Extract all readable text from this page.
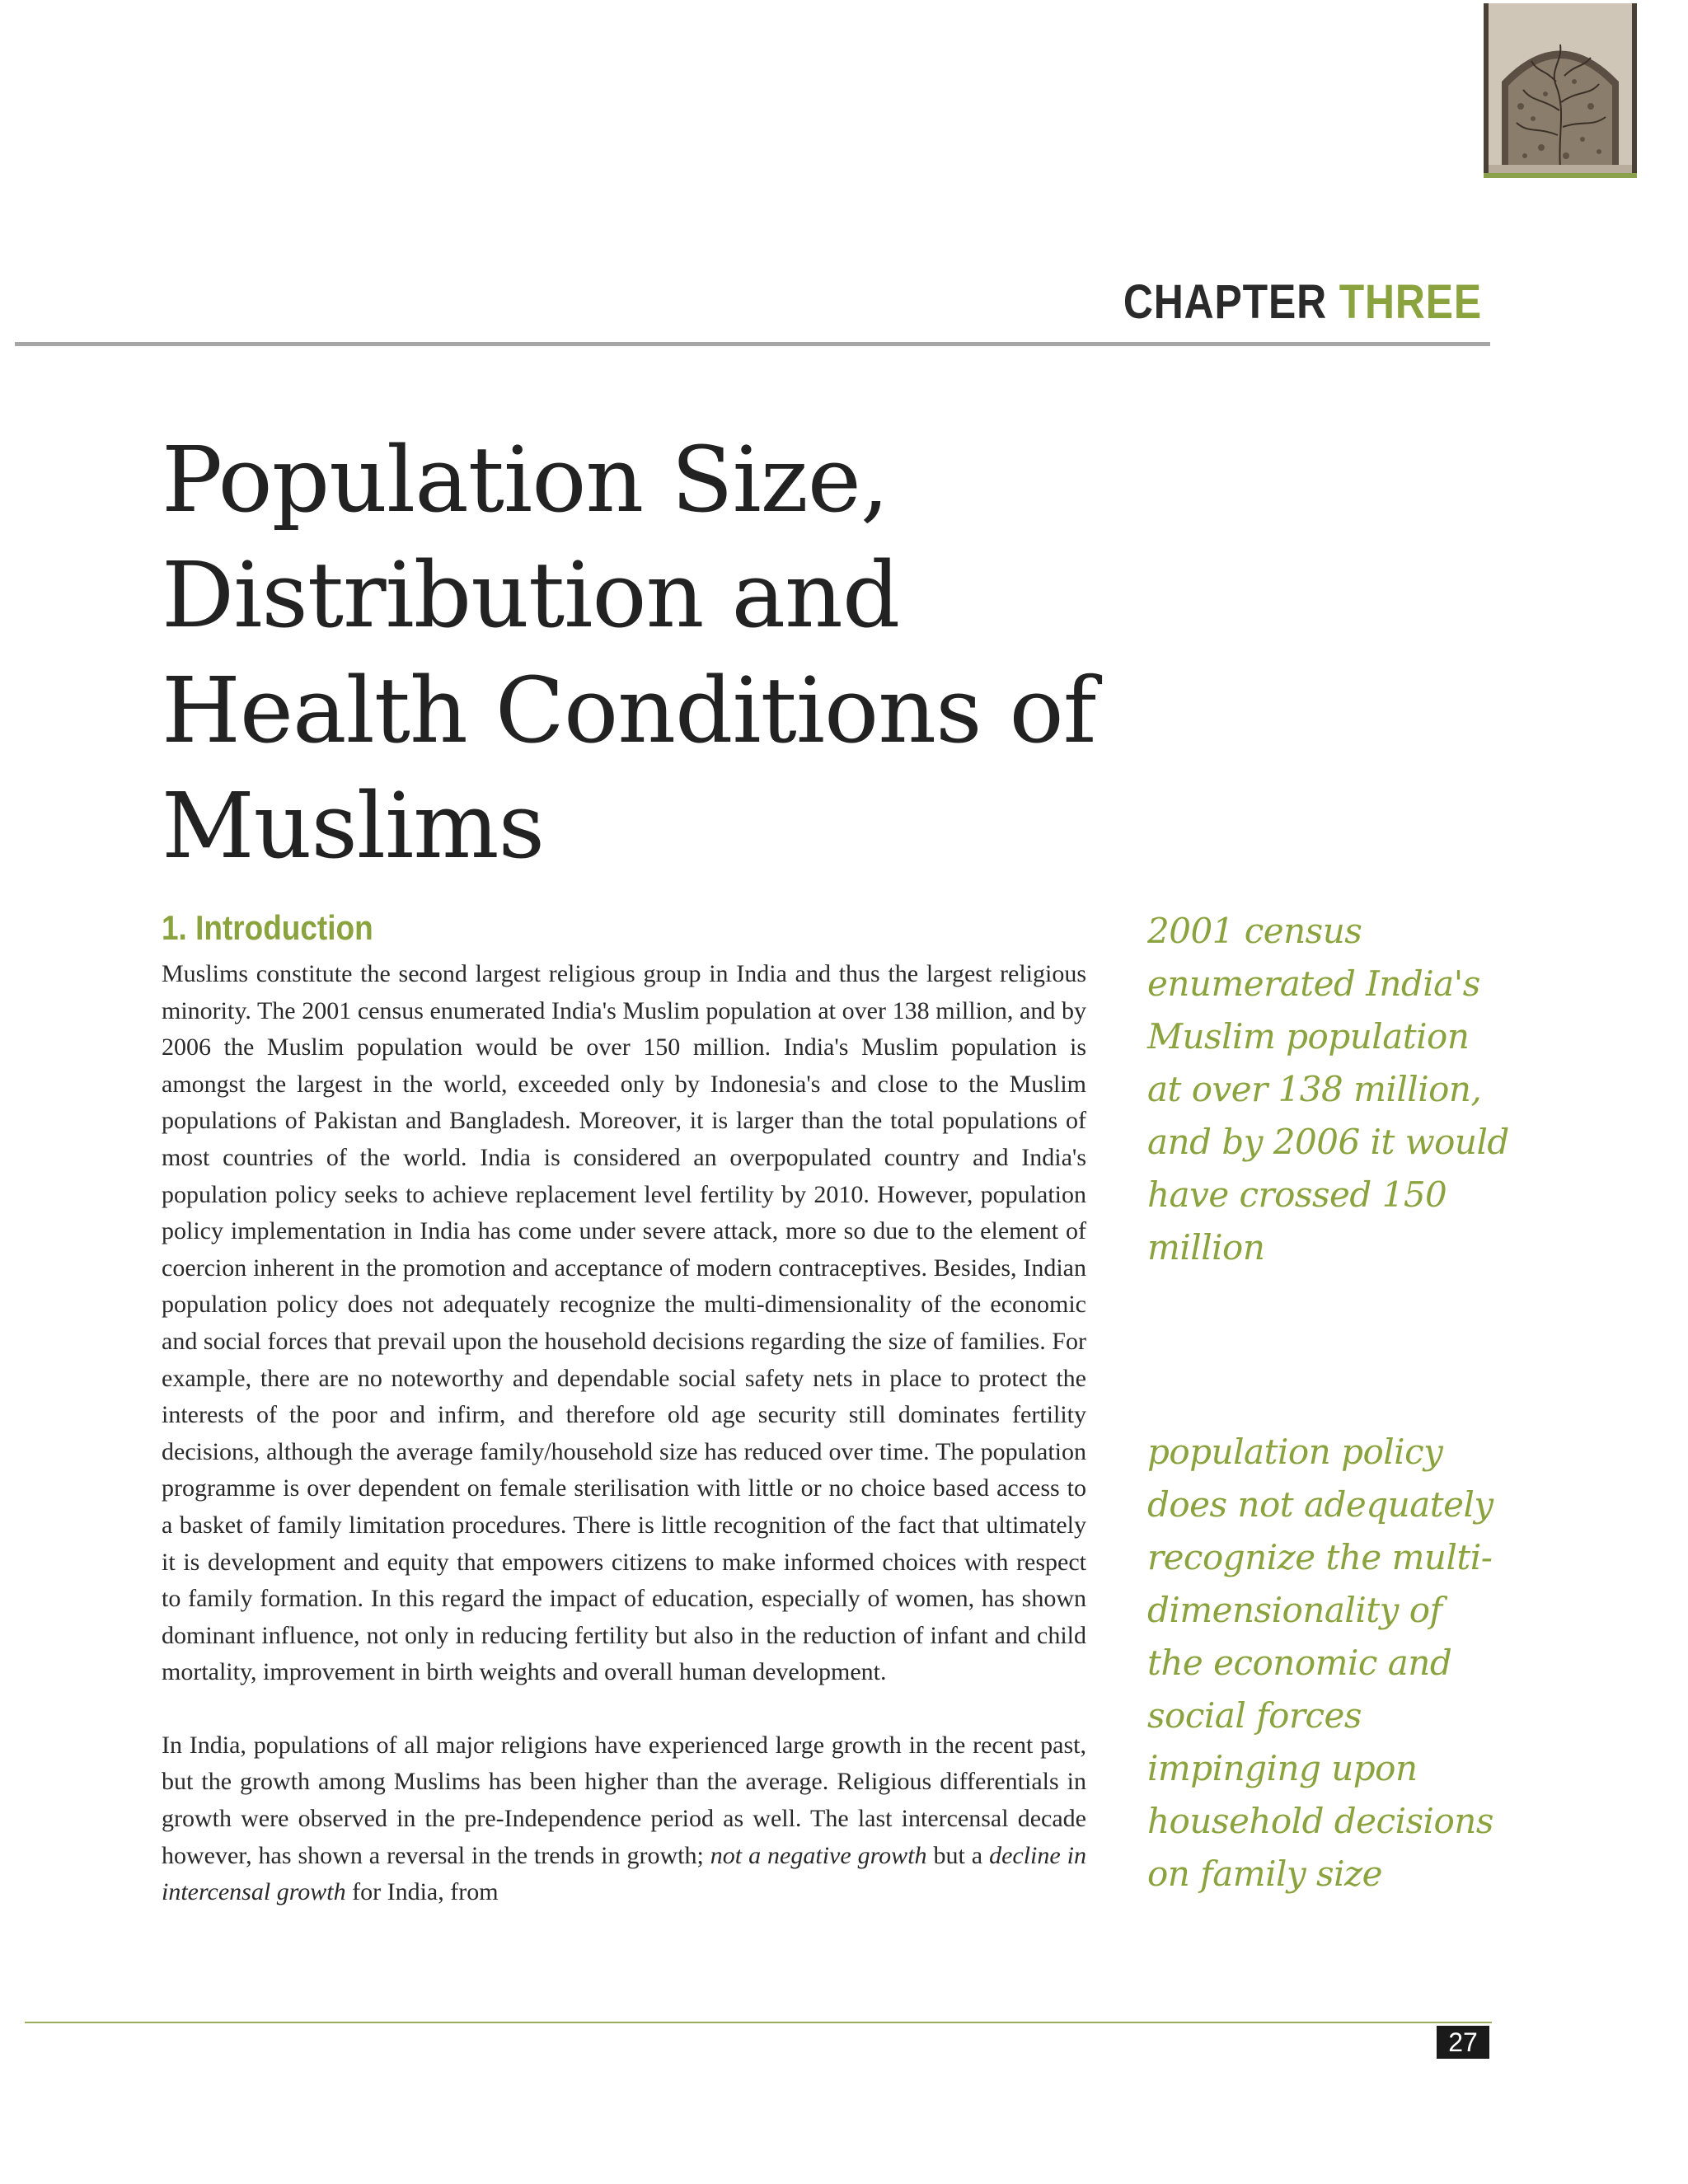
CHAPTER THREE
Population Size,
Distribution and
Health Conditions of
Muslims
1. Introduction

Muslims constitute the second largest religious group in India and thus the largest religious minority. The 2001 census enumerated India's Muslim population at over 138 million, and by 2006 the Muslim population would be over 150 million. India's Muslim population is amongst the largest in the world, exceeded only by Indonesia's and close to the Muslim populations of Pakistan and Bangladesh. Moreover, it is larger than the total populations of most countries of the world. India is considered an overpopulated country and India's population policy seeks to achieve replacement level fertility by 2010. However, population policy implementation in India has come under severe attack, more so due to the element of coercion inherent in the promotion and acceptance of modern contraceptives. Besides, Indian population policy does not adequately recognize the multi-dimensionality of the economic and social forces that prevail upon the household decisions regarding the size of families. For example, there are no noteworthy and dependable social safety nets in place to protect the interests of the poor and infirm, and therefore old age security still dominates fertility decisions, although the average family/household size has reduced over time. The population programme is over dependent on female sterilisation with little or no choice based access to a basket of family limitation procedures. There is little recognition of the fact that ultimately it is development and equity that empowers citizens to make informed choices with respect to family formation. In this regard the impact of education, especially of women, has shown dominant influence, not only in reducing fertility but also in the reduction of infant and child mortality, improvement in birth weights and overall human development.

In India, populations of all major religions have experienced large growth in the recent past, but the growth among Muslims has been higher than the average. Religious differentials in growth were observed in the pre-Independence period as well. The last intercensal decade however, has shown a reversal in the trends in growth; not a negative growth but a decline in intercensal growth for India, from

2001 census
enumerated India's
Muslim population
at over 138 million,
and by 2006 it would
have crossed 150
million
population policy
does not adequately
recognize the multi-
dimensionality of
the economic and
social forces
impinging upon
household decisions
on family size
27
